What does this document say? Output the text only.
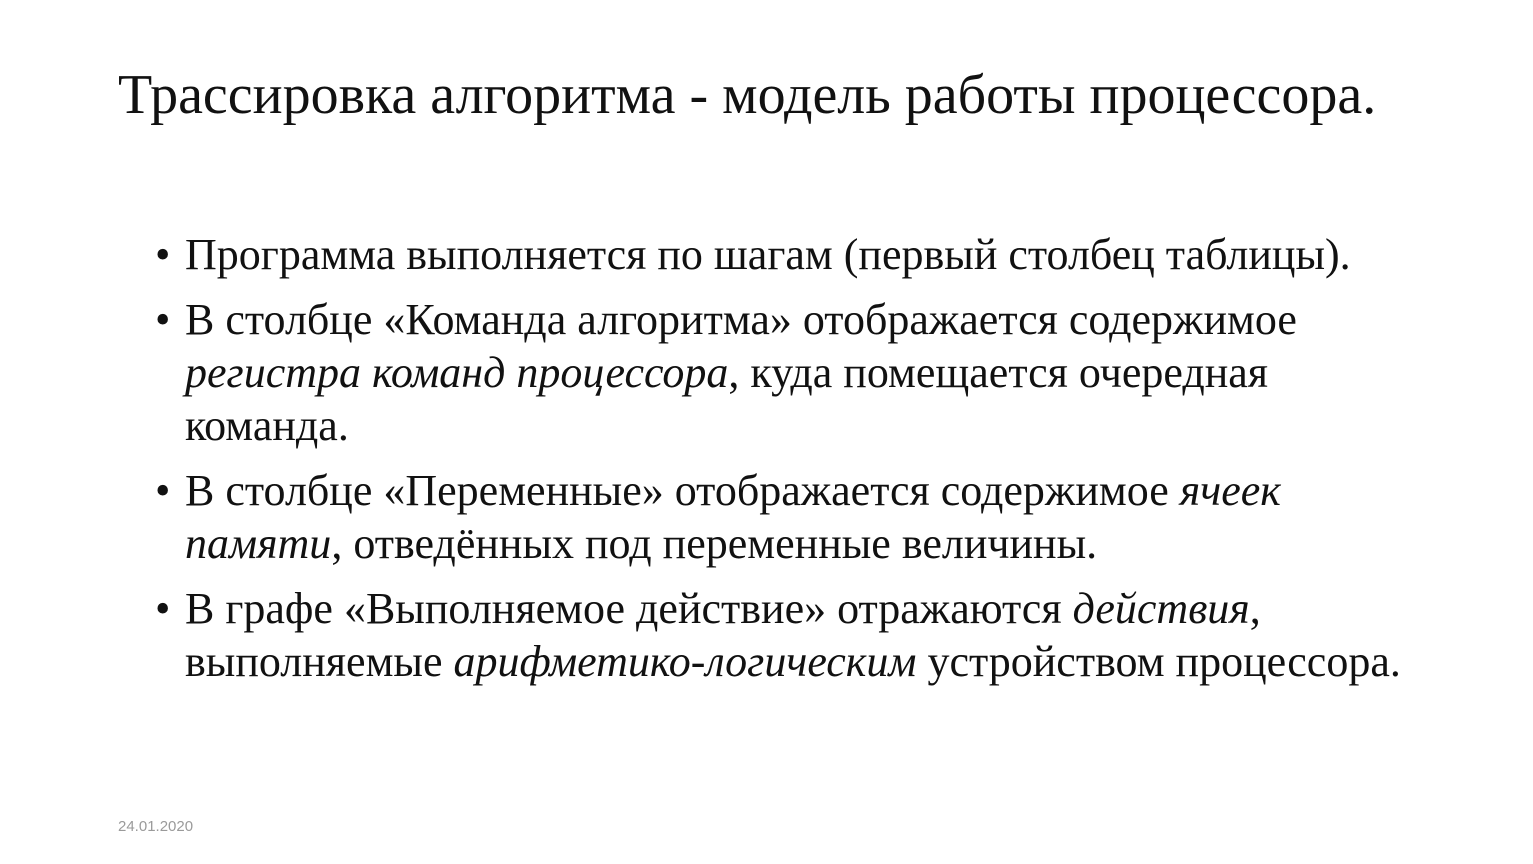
Трассировка алгоритма - модель работы процессора.
• Программа выполняется по шагам (первый столбец таблицы).
• В столбце «Команда алгоритма» отображается содержимое регистра команд процессора, куда помещается очередная команда.
• В столбце «Переменные» отображается содержимое ячеек памяти, отведённых под переменные величины.
• В графе «Выполняемое действие» отражаются действия, выполняемые арифметико-логическим устройством процессора.
24.01.2020
